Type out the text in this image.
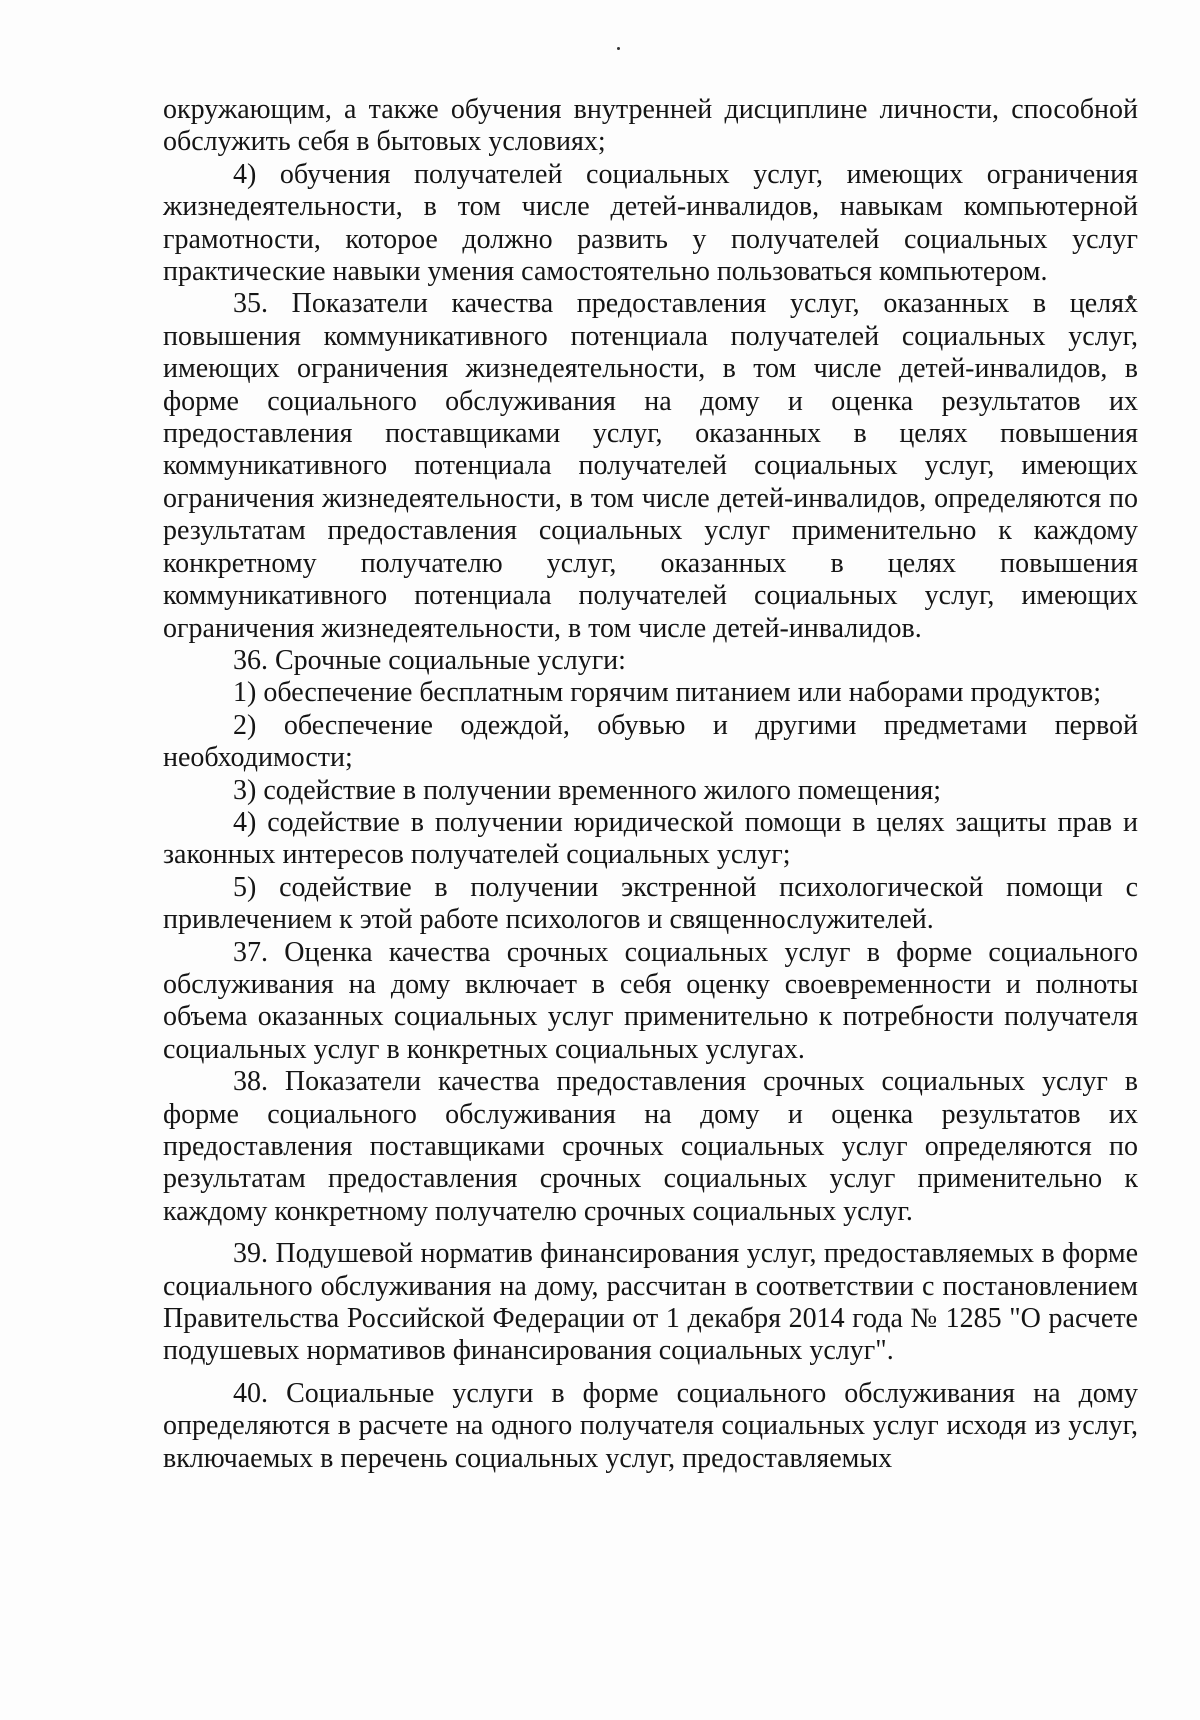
окружающим, а также обучения внутренней дисциплине личности, способной обслужить себя в бытовых условиях;

4) обучения получателей социальных услуг, имеющих ограничения жизнедеятельности, в том числе детей-инвалидов, навыкам компьютерной грамотности, которое должно развить у получателей социальных услуг практические навыки умения самостоятельно пользоваться компьютером.

35. Показатели качества предоставления услуг, оказанных в целях повышения коммуникативного потенциала получателей социальных услуг, имеющих ограничения жизнедеятельности, в том числе детей-инвалидов, в форме социального обслуживания на дому и оценка результатов их предоставления поставщиками услуг, оказанных в целях повышения коммуникативного потенциала получателей социальных услуг, имеющих ограничения жизнедеятельности, в том числе детей-инвалидов, определяются по результатам предоставления социальных услуг применительно к каждому конкретному получателю услуг, оказанных в целях повышения коммуникативного потенциала получателей социальных услуг, имеющих ограничения жизнедеятельности, в том числе детей-инвалидов.

36. Срочные социальные услуги:

1) обеспечение бесплатным горячим питанием или наборами продуктов;

2) обеспечение одеждой, обувью и другими предметами первой необходимости;

3) содействие в получении временного жилого помещения;

4) содействие в получении юридической помощи в целях защиты прав и законных интересов получателей социальных услуг;

5) содействие в получении экстренной психологической помощи с привлечением к этой работе психологов и священнослужителей.

37. Оценка качества срочных социальных услуг в форме социального обслуживания на дому включает в себя оценку своевременности и полноты объема оказанных социальных услуг применительно к потребности получателя социальных услуг в конкретных социальных услугах.

38. Показатели качества предоставления срочных социальных услуг в форме социального обслуживания на дому и оценка результатов их предоставления поставщиками срочных социальных услуг определяются по результатам предоставления срочных социальных услуг применительно к каждому конкретному получателю срочных социальных услуг.

39. Подушевой норматив финансирования услуг, предоставляемых в форме социального обслуживания на дому, рассчитан в соответствии с постановлением Правительства Российской Федерации от 1 декабря 2014 года № 1285 "О расчете подушевых нормативов финансирования социальных услуг".

40. Социальные услуги в форме социального обслуживания на дому определяются в расчете на одного получателя социальных услуг исходя из услуг, включаемых в перечень социальных услуг, предоставляемых
